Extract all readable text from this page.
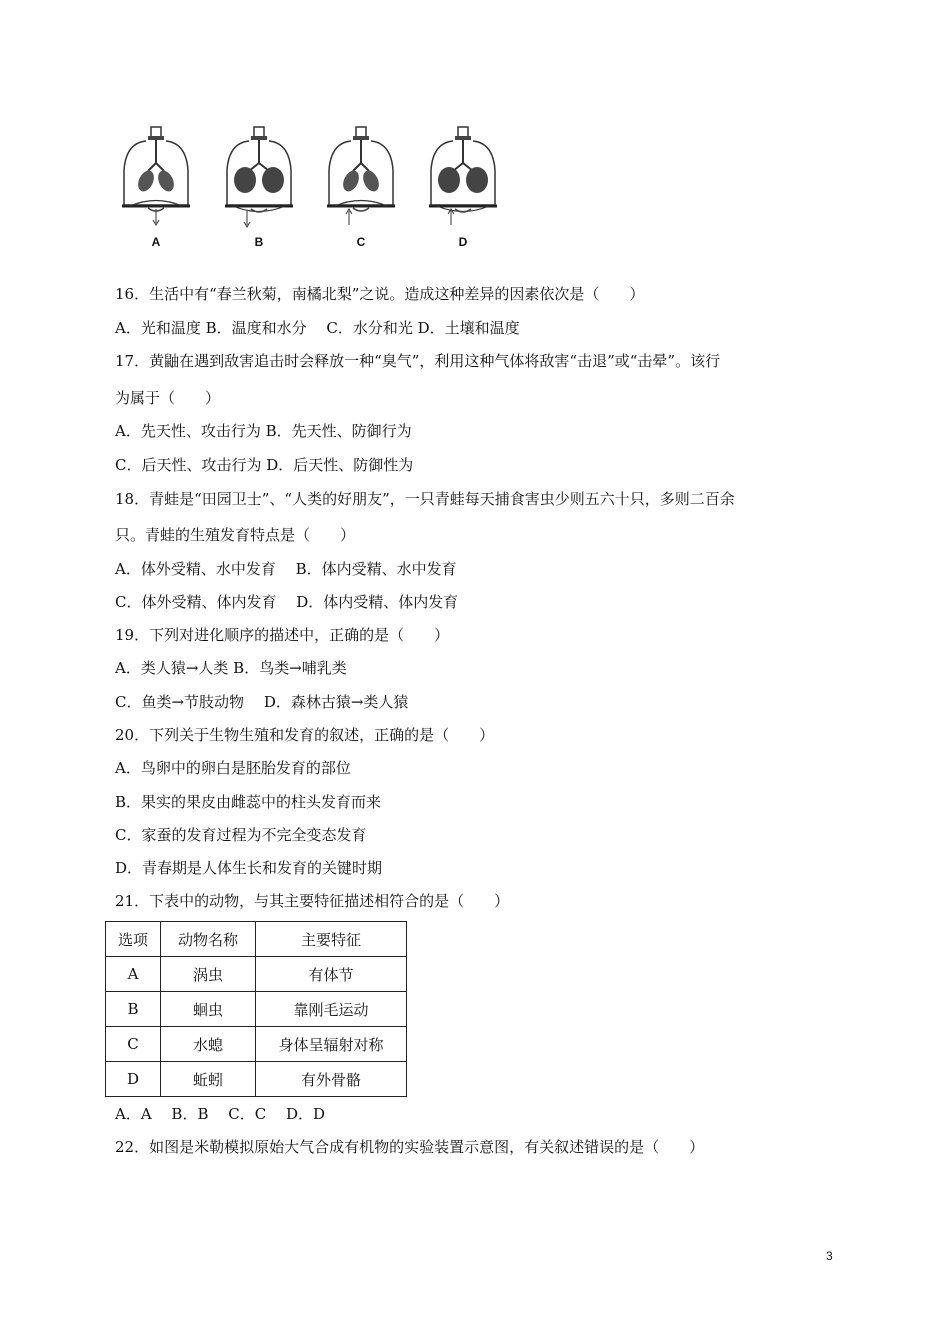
A	B	C	D
16．生活中有“春兰秋菊，南橘北梨”之说。造成这种差异的因素依次是（　　）
A．光和温度 B．温度和水分　 C．水分和光 D．土壤和温度
17．黄鼬在遇到敌害追击时会释放一种“臭气”，利用这种气体将敌害“击退”或“击晕”。该行
为属于（　　）
A．先天性、攻击行为 B．先天性、防御行为
C．后天性、攻击行为 D．后天性、防御性为
18．青蛙是“田园卫士”、“人类的好朋友”，一只青蛙每天捕食害虫少则五六十只，多则二百余
只。青蛙的生殖发育特点是（　　）
A．体外受精、水中发育　 B．体内受精、水中发育
C．体外受精、体内发育　 D．体内受精、体内发育
19．下列对进化顺序的描述中，正确的是（　　）
A．类人猿→人类 B．鸟类→哺乳类
C．鱼类→节肢动物　 D．森林古猿→类人猿
20．下列关于生物生殖和发育的叙述，正确的是（　　）
A．鸟卵中的卵白是胚胎发育的部位
B．果实的果皮由雌蕊中的柱头发育而来
C．家蚕的发育过程为不完全变态发育
D．青春期是人体生长和发育的关键时期
21．下表中的动物，与其主要特征描述相符合的是（　　）
选项	动物名称	主要特征
A	涡虫	有体节
B	蛔虫	靠刚毛运动
C	水螅	身体呈辐射对称
D	蚯蚓	有外骨骼
A．A　 B．B　 C．C　 D．D
22．如图是米勒模拟原始大气合成有机物的实验装置示意图，有关叙述错误的是（　　）
3
